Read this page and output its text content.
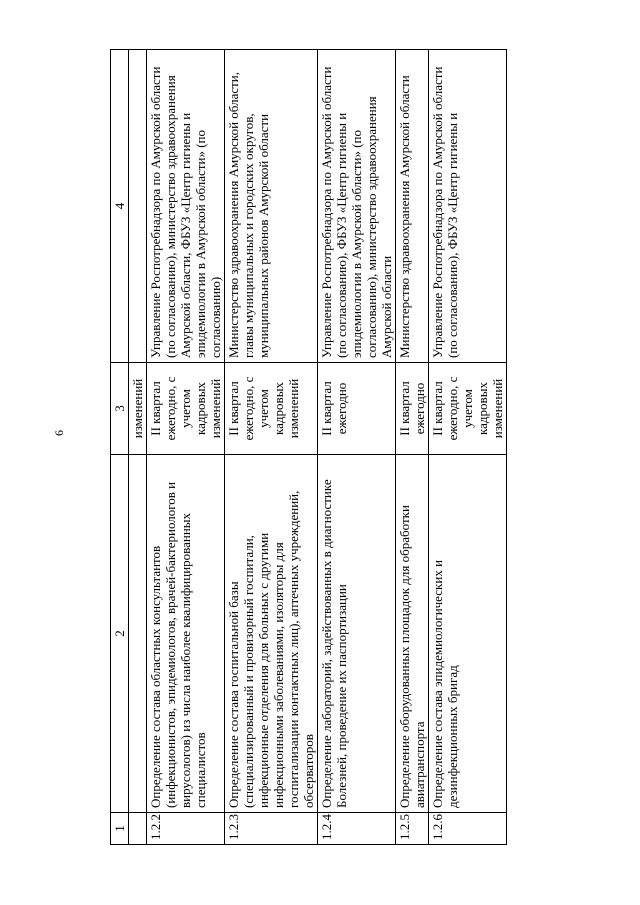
6
1	2	3	4
		изменений	
1.2.2.	Определение состава областных консультантов (инфекционистов, эпидемиологов, врачей-бактериологов и вирусологов) из числа наиболее квалифицированных специалистов	II квартал ежегодно, с учетом кадровых изменений	Управление Роспотребнадзора по Амурской области (по согласованию), министерство здравоохранения Амурской области, ФБУЗ «Центр гигиены и эпидемиологии в Амурской области» (по согласованию)
1.2.3.	Определение состава госпитальной базы (специализированный и провизорный госпитали, инфекционные отделения для больных с другими инфекционными заболеваниями, изоляторы для госпитализации контактных лиц), аптечных учреждений, обсерваторов	II квартал ежегодно, с учетом кадровых изменений	Министерство здравоохранения Амурской области, главы муниципальных и городских округов, муниципальных районов Амурской области
1.2.4.	Определение лабораторий, задействованных в диагностике Болезней, проведение их паспортизации	II квартал ежегодно	Управление Роспотребнадзора по Амурской области (по согласованию), ФБУЗ «Центр гигиены и эпидемиологии в Амурской области» (по согласованию), министерство здравоохранения Амурской области
1.2.5.	Определение оборудованных площадок для обработки авиатранспорта	II квартал ежегодно	Министерство здравоохранения Амурской области
1.2.6.	Определение состава эпидемиологических и дезинфекционных бригад	II квартал ежегодно, с учетом кадровых изменений	Управление Роспотребнадзора по Амурской области (по согласованию), ФБУЗ «Центр гигиены и
